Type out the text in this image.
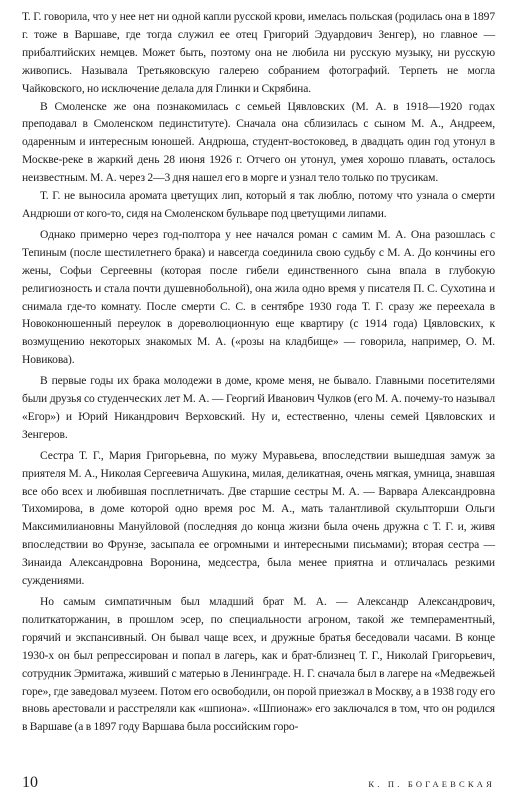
Т. Г. говорила, что у нее нет ни одной капли русской крови, имелась польская (родилась она в 1897 г. тоже в Варшаве, где тогда служил ее отец Григорий Эдуардович Зенгер), но главное — прибалтийских немцев. Может быть, поэтому она не любила ни русскую музыку, ни русскую живопись. Называла Третьяковскую галерею собранием фотографий. Терпеть не могла Чайковского, но исключение делала для Глинки и Скрябина.

В Смоленске же она познакомилась с семьей Цявловских (М. А. в 1918—1920 годах преподавал в Смоленском пединституте). Сначала она сблизилась с сыном М. А., Андреем, одаренным и интересным юношей. Андрюша, студент-востоковед, в двадцать один год утонул в Москве-реке в жаркий день 28 июня 1926 г. Отчего он утонул, умея хорошо плавать, осталось неизвестным. М. А. через 2—3 дня нашел его в морге и узнал тело только по трусикам.

Т. Г. не выносила аромата цветущих лип, который я так люблю, потому что узнала о смерти Андрюши от кого-то, сидя на Смоленском бульваре под цветущими липами.

Однако примерно через год-полтора у нее начался роман с самим М. А. Она разошлась с Тепиным (после шестилетнего брака) и навсегда соединила свою судьбу с М. А. До кончины его жены, Софьи Сергеевны (которая после гибели единственного сына впала в глубокую религиозность и стала почти душевнобольной), она жила одно время у писателя П. С. Сухотина и снимала где-то комнату. После смерти С. С. в сентябре 1930 года Т. Г. сразу же переехала в Новоконюшенный переулок в дореволюционную еще квартиру (с 1914 года) Цявловских, к возмущению некоторых знакомых М. А. («розы на кладбище» — говорила, например, О. М. Новикова).

В первые годы их брака молодежи в доме, кроме меня, не бывало. Главными посетителями были друзья со студенческих лет М. А. — Георгий Иванович Чулков (его М. А. почему-то называл «Егор») и Юрий Никандрович Верховский. Ну и, естественно, члены семей Цявловских и Зенгеров.

Сестра Т. Г., Мария Григорьевна, по мужу Муравьева, впоследствии вышедшая замуж за приятеля М. А., Николая Сергеевича Ашукина, милая, деликатная, очень мягкая, умница, знавшая все обо всех и любившая посплетничать. Две старшие сестры М. А. — Варвара Александровна Тихомирова, в доме которой одно время рос М. А., мать талантливой скульпторши Ольги Максимилиановны Мануйловой (последняя до конца жизни была очень дружна с Т. Г. и, живя впоследствии во Фрунзе, засыпала ее огромными и интересными письмами); вторая сестра — Зинаида Александровна Воронина, медсестра, была менее приятна и отличалась резкими суждениями.

Но самым симпатичным был младший брат М. А. — Александр Александрович, политкаторжанин, в прошлом эсер, по специальности агроном, такой же темпераментный, горячий и экспансивный. Он бывал чаще всех, и дружные братья беседовали часами. В конце 1930-х он был репрессирован и попал в лагерь, как и брат-близнец Т. Г., Николай Григорьевич, сотрудник Эрмитажа, живший с матерью в Ленинграде. Н. Г. сначала был в лагере на «Медвежьей горе», где заведовал музеем. Потом его освободили, он порой приезжал в Москву, а в 1938 году его вновь арестовали и расстреляли как «шпиона». «Шпионаж» его заключался в том, что он родился в Варшаве (а в 1897 году Варшава была российским горо-

10	К. П. БОГАЕВСКАЯ
